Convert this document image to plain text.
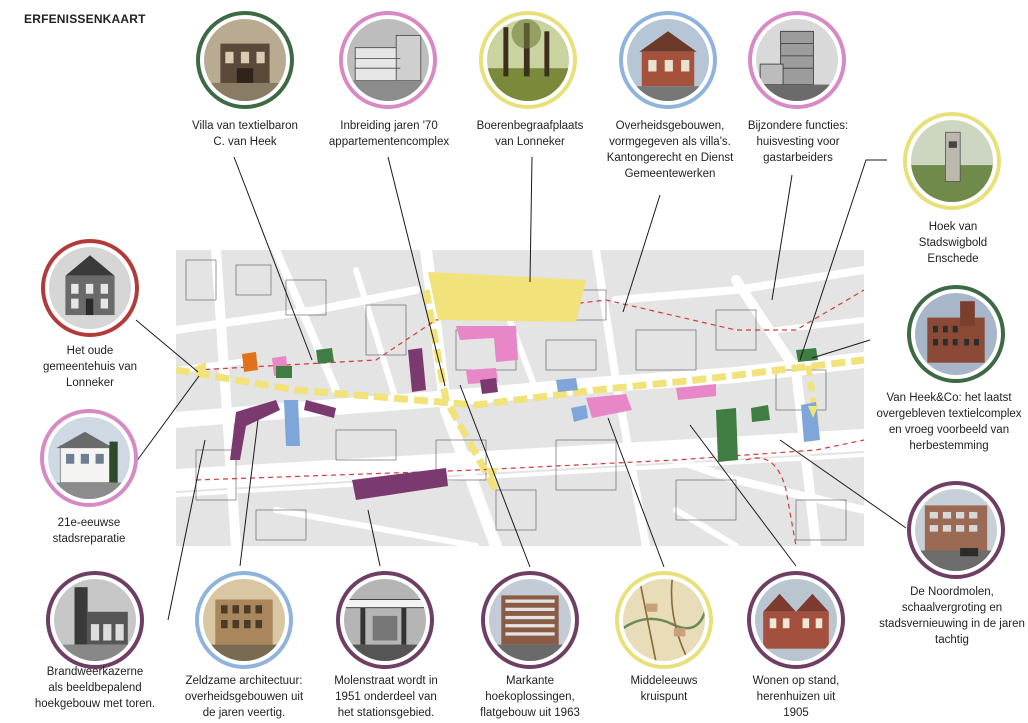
ERFENISSENKAART
Villa van textielbaron
C. van Heek
Inbreiding jaren '70
appartementencomplex
Boerenbegraafplaats
van Lonneker
Overheidsgebouwen,
vormgegeven als villa's.
Kantongerecht en Dienst
Gemeentewerken
Bijzondere functies:
huisvesting voor
gastarbeiders
Hoek van
Stadswigbold
Enschede
Van Heek&Co: het laatst
overgebleven textielcomplex
en vroeg voorbeeld van
herbestemming
De Noordmolen,
schaalvergroting en
stadsvernieuwing in de jaren
tachtig
Wonen op stand,
herenhuizen uit
1905
Middeleeuws
kruispunt
Markante
hoekoplossingen,
flatgebouw uit 1963
Molenstraat wordt in
1951 onderdeel van
het stationsgebied.
Zeldzame architectuur:
overheidsgebouwen uit
de jaren veertig.
Brandweerkazerne
als beeldbepalend
hoekgebouw met toren.
21e-eeuwse
stadsreparatie
Het oude
gemeentehuis van
Lonneker
